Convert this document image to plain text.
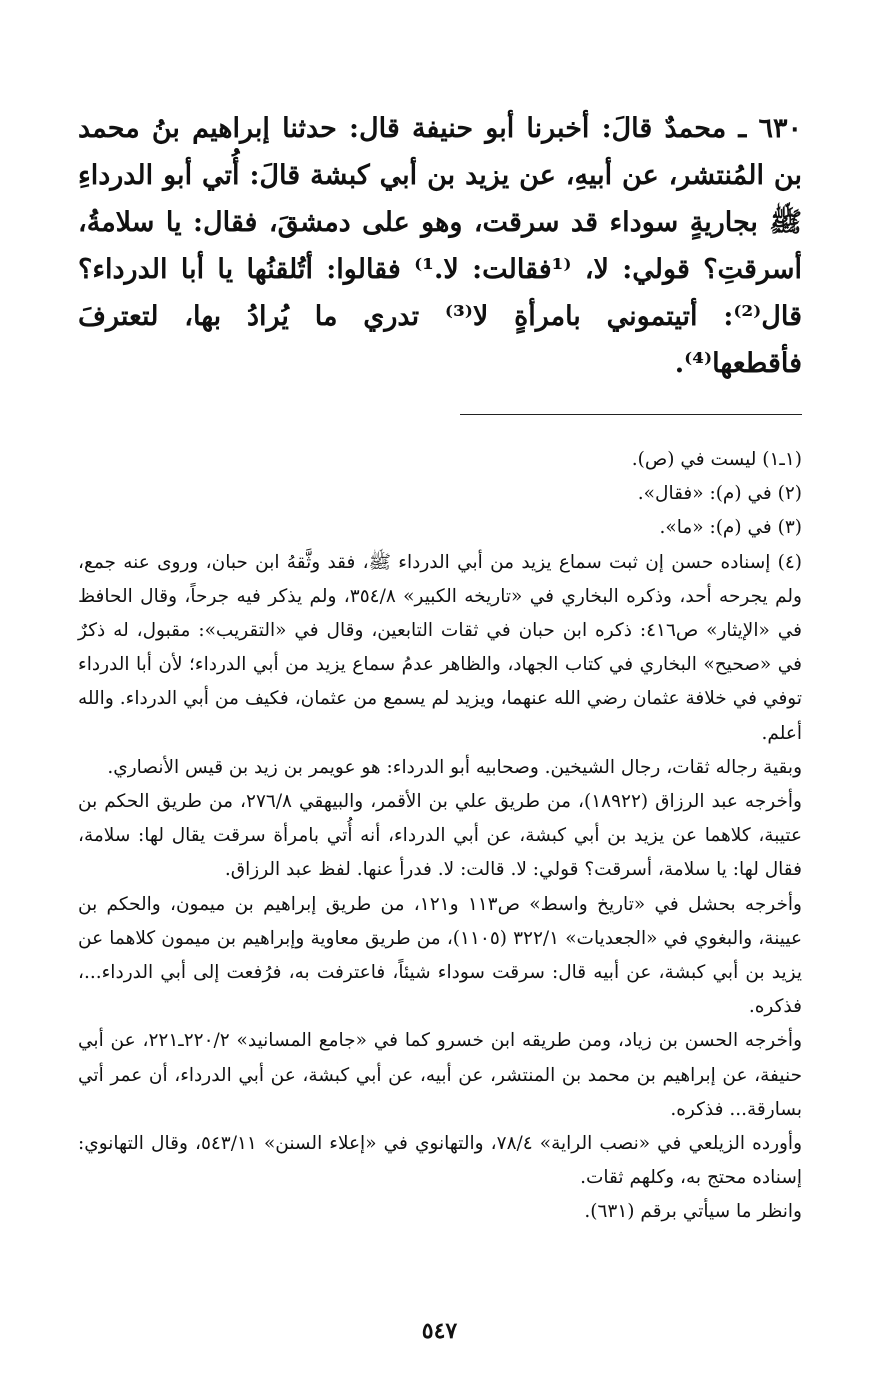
٦٣٠ ـ محمدٌ قالَ: أخبرنا أبو حنيفة قال: حدثنا إبراهيم بنُ محمد بن المُنتشر، عن أبيهِ، عن يزيد بن أبي كبشة قالَ: أُتي أبو الدرداءِ ﷺ بجاريةٍ سوداء قد سرقت، وهو على دمشقَ، فقال: يا سلامةُ، أسرقتِ؟ قولي: لا، ⁽¹فقالت: لا.¹⁾ فقالوا: أتُلقنُها يا أبا الدرداء؟ قال⁽²⁾: أتيتموني بامرأةٍ لا⁽³⁾ تدري ما يُرادُ بها، لتعترفَ فأقطعها⁽⁴⁾.

(١ـ١) ليست في (ص).

(٢) في (م): «فقال».

(٣) في (م): «ما».

(٤) إسناده حسن إن ثبت سماع يزيد من أبي الدرداء ﷺ، فقد وثَّقهُ ابن حبان، وروى عنه جمع، ولم يجرحه أحد، وذكره البخاري في «تاريخه الكبير» ٣٥٤/٨، ولم يذكر فيه جرحاً، وقال الحافظ في «الإيثار» ص٤١٦: ذكره ابن حبان في ثقات التابعين، وقال في «التقريب»: مقبول، له ذكرٌ في «صحيح» البخاري في كتاب الجهاد، والظاهر عدمُ سماع يزيد من أبي الدرداء؛ لأن أبا الدرداء توفي في خلافة عثمان رضي الله عنهما، ويزيد لم يسمع من عثمان، فكيف من أبي الدرداء. والله أعلم.

وبقية رجاله ثقات، رجال الشيخين. وصحابيه أبو الدرداء: هو عويمر بن زيد بن قيس الأنصاري.

وأخرجه عبد الرزاق (١٨٩٢٢)، من طريق علي بن الأقمر، والبيهقي ٢٧٦/٨، من طريق الحكم بن عتيبة، كلاهما عن يزيد بن أبي كبشة، عن أبي الدرداء، أنه أُتي بامرأة سرقت يقال لها: سلامة، فقال لها: يا سلامة، أسرقت؟ قولي: لا. قالت: لا. فدرأ عنها. لفظ عبد الرزاق.

وأخرجه بحشل في «تاريخ واسط» ص١١٣ و١٢١، من طريق إبراهيم بن ميمون، والحكم بن عيينة، والبغوي في «الجعديات» ٣٢٢/١ (١١٠٥)، من طريق معاوية وإبراهيم بن ميمون كلاهما عن يزيد بن أبي كبشة، عن أبيه قال: سرقت سوداء شيئاً، فاعترفت به، فرُفعت إلى أبي الدرداء...، فذكره.

وأخرجه الحسن بن زياد، ومن طريقه ابن خسرو كما في «جامع المسانيد» ٢٢٠/٢ـ٢٢١، عن أبي حنيفة، عن إبراهيم بن محمد بن المنتشر، عن أبيه، عن أبي كبشة، عن أبي الدرداء، أن عمر أتي بسارقة... فذكره.

وأورده الزيلعي في «نصب الراية» ٧٨/٤، والتهانوي في «إعلاء السنن» ٥٤٣/١١، وقال التهانوي: إسناده محتج به، وكلهم ثقات.

وانظر ما سيأتي برقم (٦٣١).

٥٤٧
